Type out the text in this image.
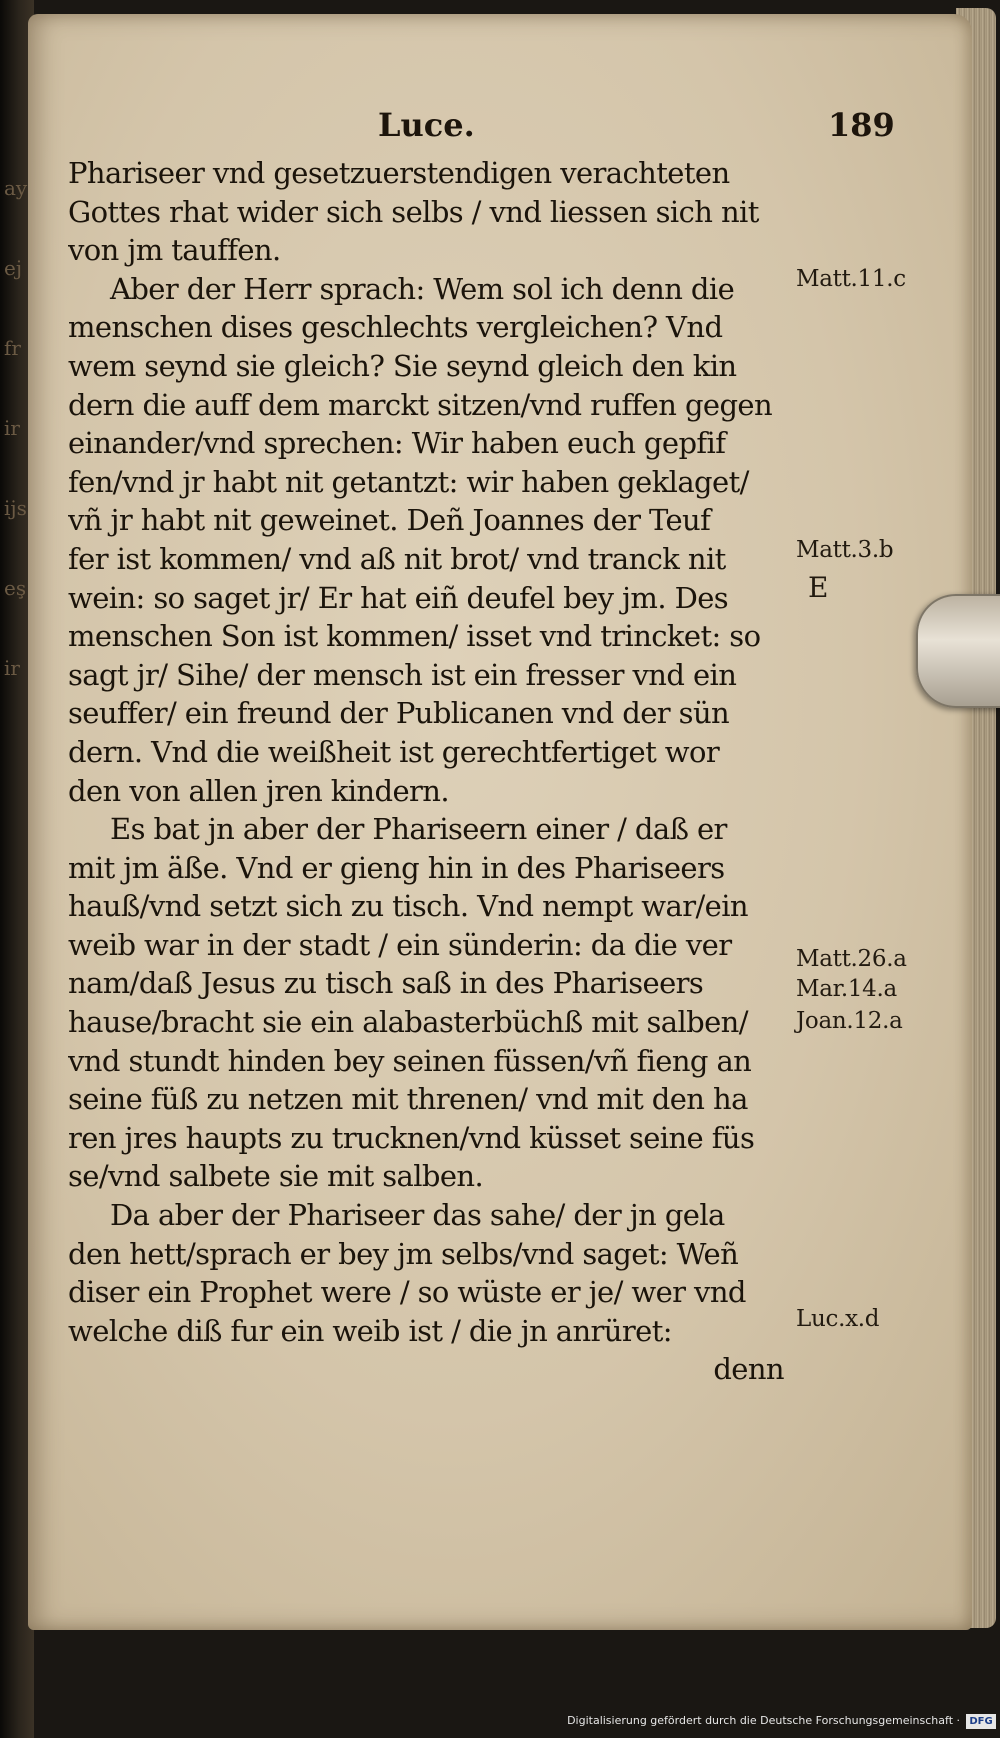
ay
ej
fr
ir
ijs
eş
ir
Luce.	189
Phariseer vnd gesetzuerstendigen verachteten
Gottes rhat wider sich selbs / vnd liessen sich nit
von jm tauffen.
Aber der Herr sprach: Wem sol ich denn die
menschen dises geschlechts vergleichen? Vnd
wem seynd sie gleich? Sie seynd gleich den kin
dern die auff dem marckt sitzen/vnd ruffen gegen
einander/vnd sprechen: Wir haben euch gepfif
fen/vnd jr habt nit getantzt: wir haben geklaget/
vñ jr habt nit geweinet. Deñ Joannes der Teuf
fer ist kommen/ vnd aß nit brot/ vnd tranck nit
wein: so saget jr/ Er hat eiñ deufel bey jm. Des
menschen Son ist kommen/ isset vnd trincket: so
sagt jr/ Sihe/ der mensch ist ein fresser vnd ein
seuffer/ ein freund der Publicanen vnd der sün
dern. Vnd die weißheit ist gerechtfertiget wor
den von allen jren kindern.
Es bat jn aber der Phariseern einer / daß er
mit jm äße. Vnd er gieng hin in des Phariseers
hauß/vnd setzt sich zu tisch. Vnd nempt war/ein
weib war in der stadt / ein sünderin: da die ver
nam/daß Jesus zu tisch saß in des Phariseers
hause/bracht sie ein alabasterbüchß mit salben/
vnd stundt hinden bey seinen füssen/vñ fieng an
seine füß zu netzen mit threnen/ vnd mit den ha
ren jres haupts zu trucknen/vnd küsset seine füs
se/vnd salbete sie mit salben.
Da aber der Phariseer das sahe/ der jn gela
den hett/sprach er bey jm selbs/vnd saget: Weñ
diser ein Prophet were / so wüste er je/ wer vnd
welche diß fur ein weib ist / die jn anrüret:
denn
Matt.11.c
Matt.3.b
E
Matt.26.a
Mar.14.a
Joan.12.a
Luc.x.d
Digitalisierung gefördert durch die Deutsche Forschungsgemeinschaft · DFG
